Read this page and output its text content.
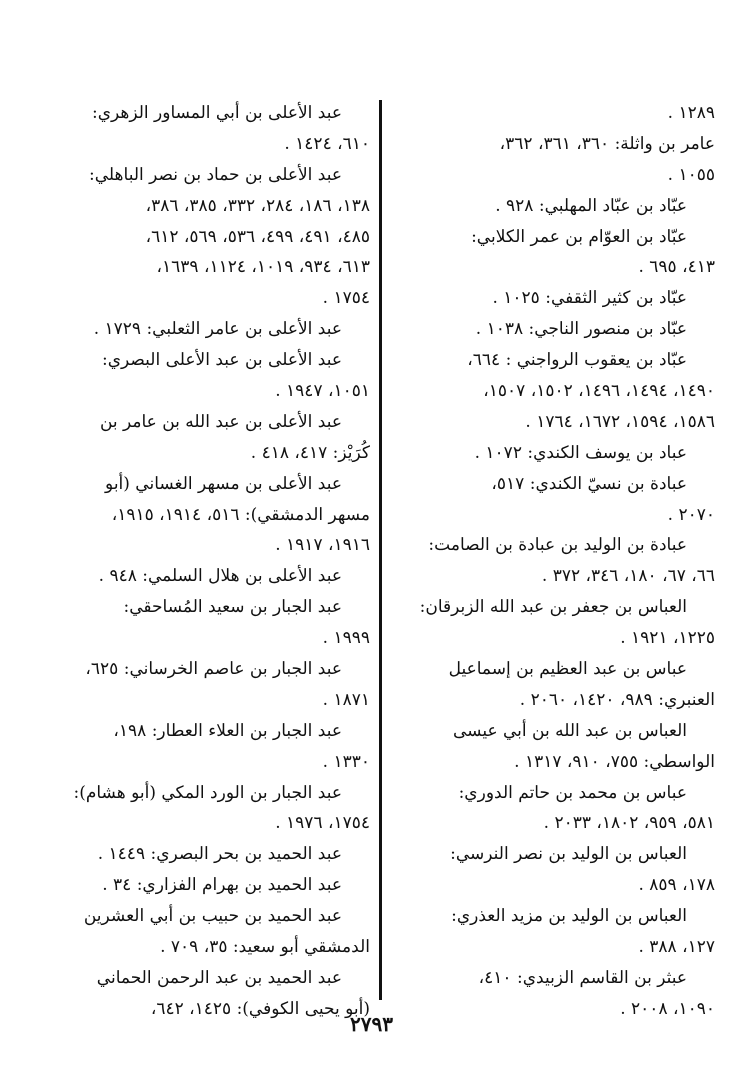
١٢٨٩ .
عامر بن واثلة: ٣٦٠، ٣٦١، ٣٦٢،
١٠٥٥ .
عبّاد بن عبّاد المهلبي: ٩٢٨ .
عبّاد بن العوّام بن عمر الكلابي:
٤١٣، ٦٩٥ .
عبّاد بن كثير الثقفي: ١٠٢٥ .
عبّاد بن منصور الناجي: ١٠٣٨ .
عبّاد بن يعقوب الرواجني : ٦٦٤،
١٤٩٠، ١٤٩٤، ١٤٩٦، ١٥٠٢، ١٥٠٧،
١٥٨٦، ١٥٩٤، ١٦٧٢، ١٧٦٤ .
عباد بن يوسف الكندي: ١٠٧٢ .
عبادة بن نسيّ الكندي: ٥١٧،
٢٠٧٠ .
عبادة بن الوليد بن عبادة بن الصامت:
٦٦، ٦٧، ١٨٠، ٣٤٦، ٣٧٢ .
العباس بن جعفر بن عبد الله الزبرقان:
١٢٢٥، ١٩٢١ .
عباس بن عبد العظيم بن إسماعيل
العنبري: ٩٨٩، ١٤٢٠، ٢٠٦٠ .
العباس بن عبد الله بن أبي عيسى
الواسطي: ٧٥٥، ٩١٠، ١٣١٧ .
عباس بن محمد بن حاتم الدوري:
٥٨١، ٩٥٩، ١٨٠٢، ٢٠٣٣ .
العباس بن الوليد بن نصر النرسي:
١٧٨، ٨٥٩ .
العباس بن الوليد بن مزيد العذري:
١٢٧، ٣٨٨ .
عبثر بن القاسم الزبيدي: ٤١٠،
١٠٩٠، ٢٠٠٨ .
عبد الأعلى بن أبي المساور الزهري:
٦١٠، ١٤٢٤ .
عبد الأعلى بن حماد بن نصر الباهلي:
١٣٨، ١٨٦، ٢٨٤، ٣٣٢، ٣٨٥، ٣٨٦،
٤٨٥، ٤٩١، ٤٩٩، ٥٣٦، ٥٦٩، ٦١٢،
٦١٣، ٩٣٤، ١٠١٩، ١١٢٤، ١٦٣٩،
١٧٥٤ .
عبد الأعلى بن عامر الثعلبي: ١٧٢٩ .
عبد الأعلى بن عبد الأعلى البصري:
١٠٥١، ١٩٤٧ .
عبد الأعلى بن عبد الله بن عامر بن
كُرَيْز: ٤١٧، ٤١٨ .
عبد الأعلى بن مسهر الغساني (أبو
مسهر الدمشقي): ٥١٦، ١٩١٤، ١٩١٥،
١٩١٦، ١٩١٧ .
عبد الأعلى بن هلال السلمي: ٩٤٨ .
عبد الجبار بن سعيد المُساحقي:
١٩٩٩ .
عبد الجبار بن عاصم الخرساني: ٦٢٥،
١٨٧١ .
عبد الجبار بن العلاء العطار: ١٩٨،
١٣٣٠ .
عبد الجبار بن الورد المكي (أبو هشام):
١٧٥٤، ١٩٧٦ .
عبد الحميد بن بحر البصري: ١٤٤٩ .
عبد الحميد بن بهرام الفزاري: ٣٤ .
عبد الحميد بن حبيب بن أبي العشرين
الدمشقي أبو سعيد: ٣٥، ٧٠٩ .
عبد الحميد بن عبد الرحمن الحماني
(أبو يحيى الكوفي): ١٤٢٥، ٦٤٢،
٢٧٩٣
